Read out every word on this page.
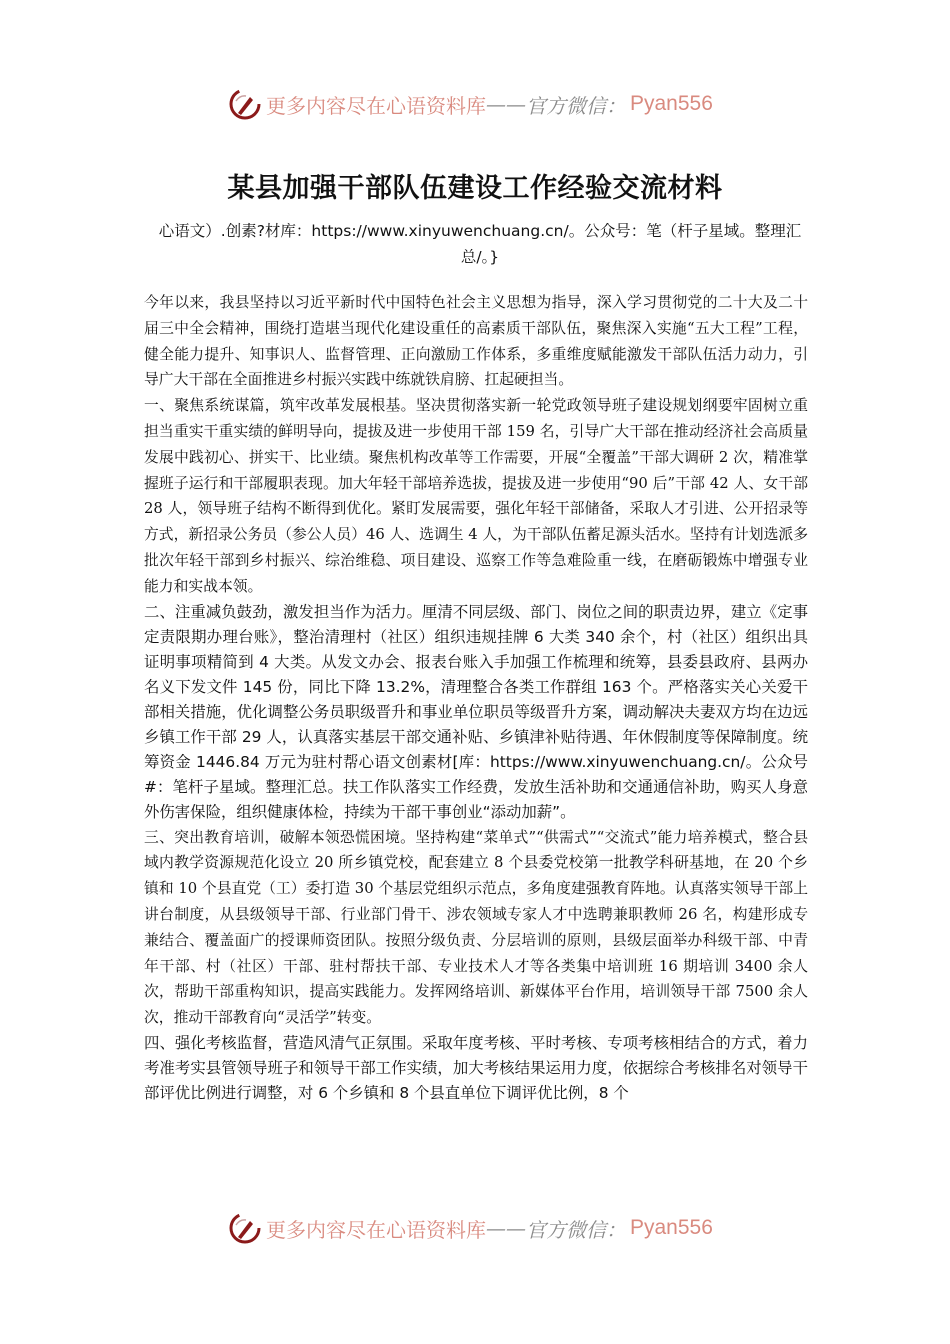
更多内容尽在心语资料库 —— 官方微信： Pyan556
某县加强干部队伍建设工作经验交流材料
心语文）.创素?材库：https://www.xinyuwenchuang.cn/。公众号：笔（杆子星域。整理汇总/。}

今年以来，我县坚持以习近平新时代中国特色社会主义思想为指导，深入学习贯彻党的二十大及二十届三中全会精神，围绕打造堪当现代化建设重任的高素质干部队伍，聚焦深入实施“五大工程”工程，健全能力提升、知事识人、监督管理、正向激励工作体系，多重维度赋能激发干部队伍活力动力，引导广大干部在全面推进乡村振兴实践中练就铁肩膀、扛起硬担当。

一、聚焦系统谋篇，筑牢改革发展根基。坚决贯彻落实新一轮党政领导班子建设规划纲要牢固树立重担当重实干重实绩的鲜明导向，提拔及进一步使用干部 159 名，引导广大干部在推动经济社会高质量发展中践初心、拼实干、比业绩。聚焦机构改革等工作需要，开展“全覆盖”干部大调研 2 次，精准掌握班子运行和干部履职表现。加大年轻干部培养选拔，提拔及进一步使用“90 后”干部 42 人、女干部 28 人，领导班子结构不断得到优化。紧盯发展需要，强化年轻干部储备，采取人才引进、公开招录等方式，新招录公务员（参公人员）46 人、选调生 4 人，为干部队伍蓄足源头活水。坚持有计划选派多批次年轻干部到乡村振兴、综治维稳、项目建设、巡察工作等急难险重一线，在磨砺锻炼中增强专业能力和实战本领。

二、注重减负鼓劲，激发担当作为活力。厘清不同层级、部门、岗位之间的职责边界，建立《定事定责限期办理台账》，整治清理村（社区）组织违规挂牌 6 大类 340 余个，村（社区）组织出具证明事项精简到 4 大类。从发文办会、报表台账入手加强工作梳理和统筹，县委县政府、县两办名义下发文件 145 份，同比下降 13.2%，清理整合各类工作群组 163 个。严格落实关心关爱干部相关措施，优化调整公务员职级晋升和事业单位职员等级晋升方案，调动解决夫妻双方均在边远乡镇工作干部 29 人，认真落实基层干部交通补贴、乡镇津补贴待遇、年休假制度等保障制度。统筹资金 1446.84 万元为驻村帮心语文创素材[库：https://www.xinyuwenchuang.cn/。公众号#：笔杆子星域。整理汇总。扶工作队落实工作经费，发放生活补助和交通通信补助，购买人身意外伤害保险，组织健康体检，持续为干部干事创业“添动加薪”。

三、突出教育培训，破解本领恐慌困境。坚持构建“菜单式”“供需式”“交流式”能力培养模式，整合县域内教学资源规范化设立 20 所乡镇党校，配套建立 8 个县委党校第一批教学科研基地，在 20 个乡镇和 10 个县直党（工）委打造 30 个基层党组织示范点，多角度建强教育阵地。认真落实领导干部上讲台制度，从县级领导干部、行业部门骨干、涉农领域专家人才中选聘兼职教师 26 名，构建形成专兼结合、覆盖面广的授课师资团队。按照分级负责、分层培训的原则，县级层面举办科级干部、中青年干部、村（社区）干部、驻村帮扶干部、专业技术人才等各类集中培训班 16 期培训 3400 余人次，帮助干部重构知识，提高实践能力。发挥网络培训、新媒体平台作用，培训领导干部 7500 余人次，推动干部教育向“灵活学”转变。

四、强化考核监督，营造风清气正氛围。采取年度考核、平时考核、专项考核相结合的方式，着力考准考实县管领导班子和领导干部工作实绩，加大考核结果运用力度，依据综合考核排名对领导干部评优比例进行调整，对 6 个乡镇和 8 个县直单位下调评优比例，8 个

更多内容尽在心语资料库 —— 官方微信： Pyan556
